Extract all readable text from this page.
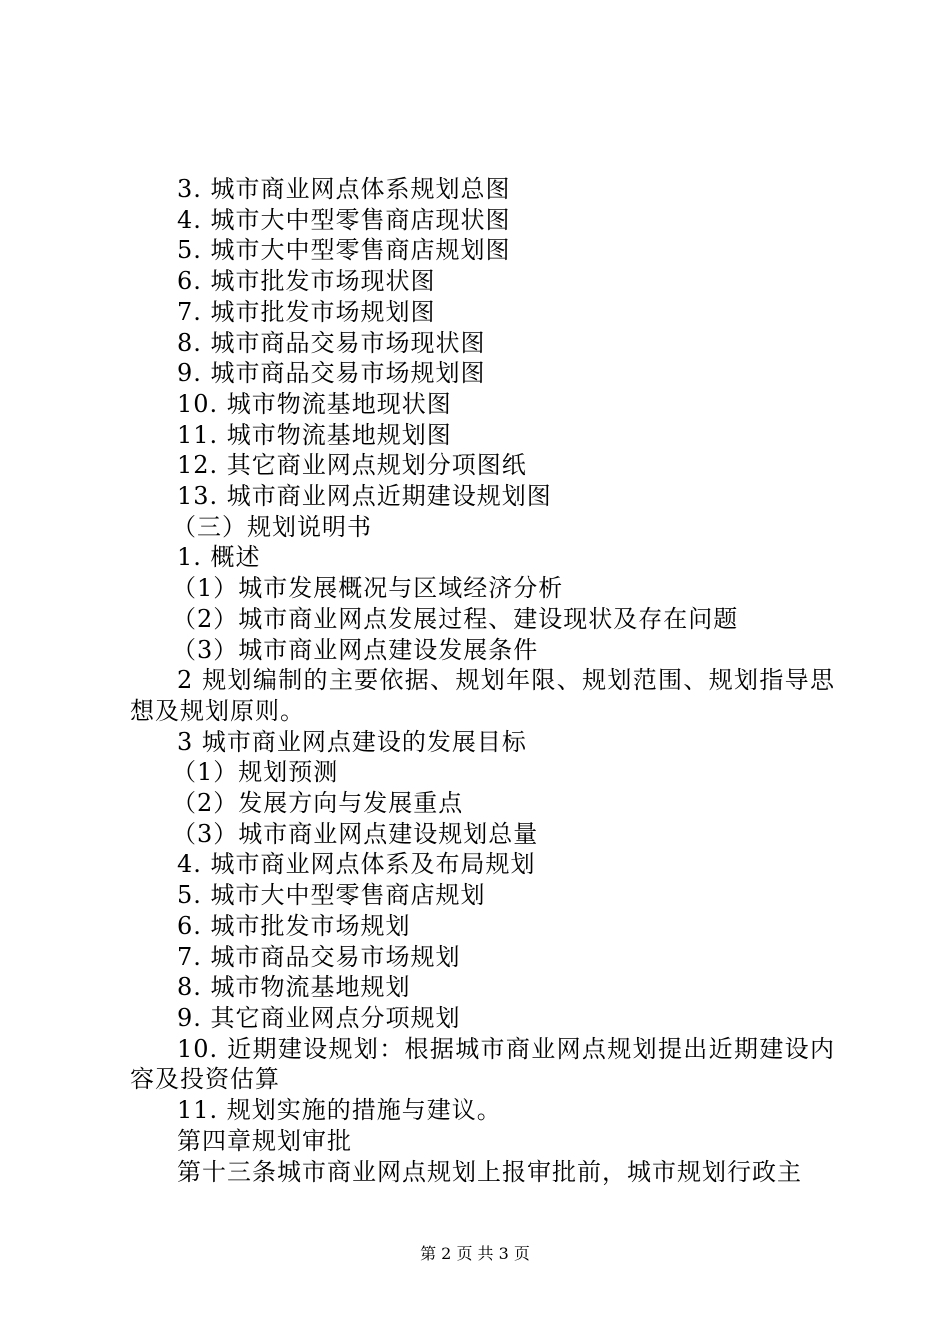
3. 城市商业网点体系规划总图
4. 城市大中型零售商店现状图
5. 城市大中型零售商店规划图
6. 城市批发市场现状图
7. 城市批发市场规划图
8. 城市商品交易市场现状图
9. 城市商品交易市场规划图
10. 城市物流基地现状图
11. 城市物流基地规划图
12. 其它商业网点规划分项图纸
13. 城市商业网点近期建设规划图
（三）规划说明书
1. 概述
（1）城市发展概况与区域经济分析
（2）城市商业网点发展过程、建设现状及存在问题
（3）城市商业网点建设发展条件
2 规划编制的主要依据、规划年限、规划范围、规划指导思想及规划原则。
3 城市商业网点建设的发展目标
（1）规划预测
（2）发展方向与发展重点
（3）城市商业网点建设规划总量
4. 城市商业网点体系及布局规划
5. 城市大中型零售商店规划
6. 城市批发市场规划
7. 城市商品交易市场规划
8. 城市物流基地规划
9. 其它商业网点分项规划
10. 近期建设规划：根据城市商业网点规划提出近期建设内容及投资估算
11. 规划实施的措施与建议。
第四章规划审批
第十三条城市商业网点规划上报审批前，城市规划行政主
第 2 页 共 3 页
